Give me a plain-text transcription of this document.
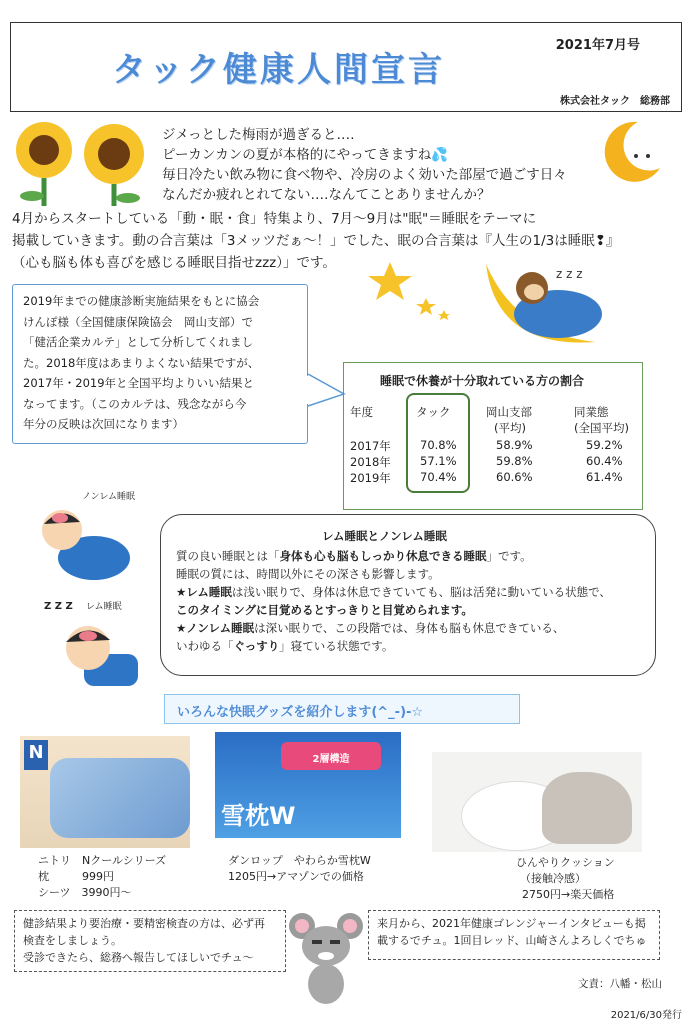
タック健康人間宣言
2021年7月号
株式会社タック　総務部
ジメっとした梅雨が過ぎると‥‥
ピーカンカンの夏が本格的にやってきますね💦
毎日冷たい飲み物に食べ物や、冷房のよく効いた部屋で過ごす日々
なんだか疲れとれてない‥‥なんてことありませんか？
4月からスタートしている「動・眠・食」特集より、7月～9月は"眠"＝睡眠をテーマに
掲載していきます。動の合言葉は「3メッツだぁ～！」でした、眠の合言葉は『人生の1/3は睡眠❢』
（心も脳も体も喜びを感じる睡眠目指せzzz）」です。
z z z

2019年までの健康診断実施結果をもとに協会

けんぽ様（全国健康保険協会　岡山支部）で

「健活企業カルテ」として分析してくれまし

た。2018年度はあまりよくない結果ですが、

2017年・2019年と全国平均よりいい結果と

なってます。（このカルテは、残念ながら今

年分の反映は次回になります）

睡眠で休養が十分取れている方の割合
年度	タック	岡山支部	同業態
(平均)	(全国平均)
2017年	70.8%	58.9%	59.2%
2018年	57.1%	59.8%	60.4%
2019年	70.4%	60.6%	61.4%
ノンレム睡眠
レム睡眠
Z Z Z
レム睡眠とノンレム睡眠
質の良い睡眠とは「身体も心も脳もしっかり休息できる睡眠」です。
睡眠の質には、時間以外にその深さも影響します。
★レム睡眠は浅い眠りで、身体は休息できていても、脳は活発に動いている状態で、
このタイミングに目覚めるとすっきりと目覚められます。
★ノンレム睡眠は深い眠りで、この段階では、身体も脳も休息できている、
いわゆる「ぐっすり」寝ている状態です。
いろんな快眠グッズを紹介します(^_-)-☆
N
ニトリ　Nクールシリーズ
枕　　　999円
シーツ　3990円～
2層構造
雪枕W
ダンロップ　やわらか雪枕W
1205円→アマゾンでの価格
ひんやりクッション
（接触冷感）
2750円→楽天価格

健診結果より要治療・要精密検査の方は、必ず再

検査をしましょう。

受診できたら、総務へ報告してほしいでチュ～

来月から、2021年健康ゴレンジャーインタビューも掲

載するでチュ。1回目レッド、山崎さんよろしくでちゅ

文責：八幡・松山
2021/6/30発行
